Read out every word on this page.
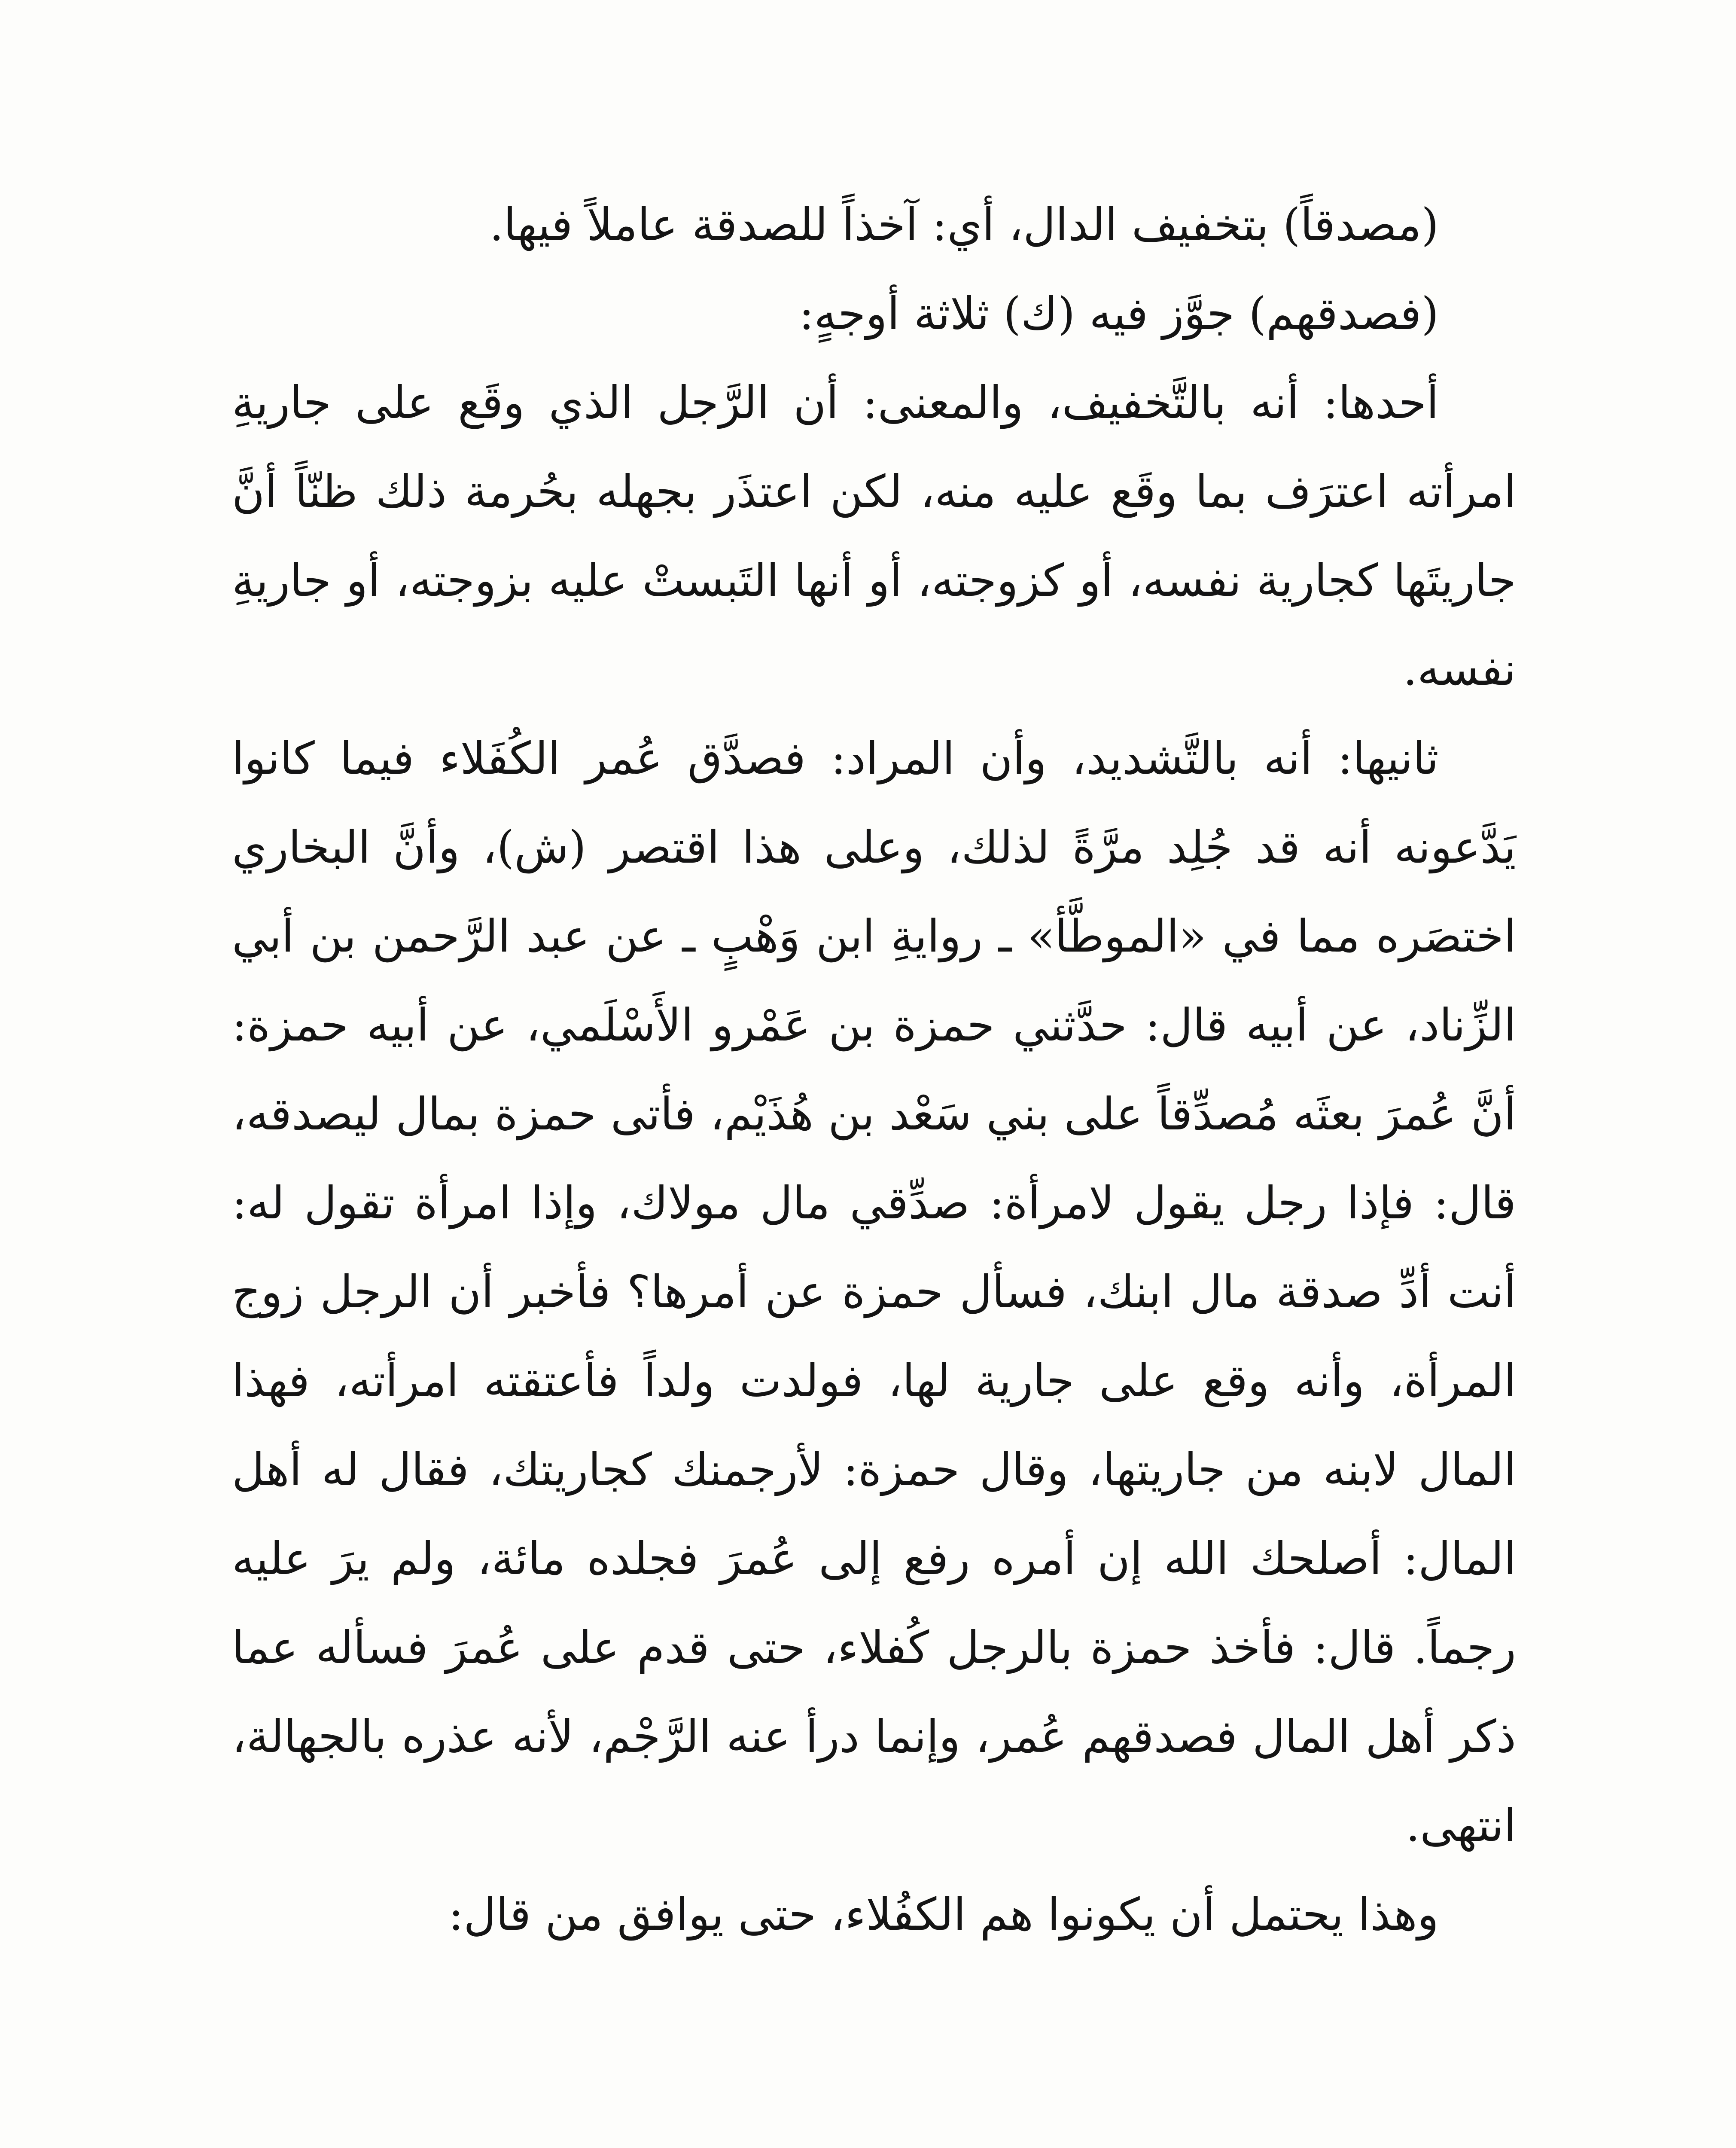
(مصدقاً) بتخفيف الدال، أي: آخذاً للصدقة عاملاً فيها.

(فصدقهم) جوَّز فيه (ك) ثلاثة أوجهٍ:

أحدها: أنه بالتَّخفيف، والمعنى: أن الرَّجل الذي وقَع على جاريةِ امرأته اعترَف بما وقَع عليه منه، لكن اعتذَر بجهله بحُرمة ذلك ظنّاً أنَّ جاريتَها كجارية نفسه، أو كزوجته، أو أنها التَبستْ عليه بزوجته، أو جاريةِ نفسه.

ثانيها: أنه بالتَّشديد، وأن المراد: فصدَّق عُمر الكُفَلاء فيما كانوا يَدَّعونه أنه قد جُلِد مرَّةً لذلك، وعلى هذا اقتصر (ش)، وأنَّ البخاري اختصَره مما في «الموطَّأ» ـ روايةِ ابن وَهْبٍ ـ عن عبد الرَّحمن بن أبي الزِّناد، عن أبيه قال: حدَّثني حمزة بن عَمْرو الأَسْلَمي، عن أبيه حمزة: أنَّ عُمرَ بعثَه مُصدِّقاً على بني سَعْد بن هُذَيْم، فأتى حمزة بمال ليصدقه، قال: فإذا رجل يقول لامرأة: صدِّقي مال مولاك، وإذا امرأة تقول له: أنت أدِّ صدقة مال ابنك، فسأل حمزة عن أمرها؟ فأخبر أن الرجل زوج المرأة، وأنه وقع على جارية لها، فولدت ولداً فأعتقته امرأته، فهذا المال لابنه من جاريتها، وقال حمزة: لأرجمنك كجاريتك، فقال له أهل المال: أصلحك الله إن أمره رفع إلى عُمرَ فجلده مائة، ولم يرَ عليه رجماً. قال: فأخذ حمزة بالرجل كُفلاء، حتى قدم على عُمرَ فسأله عما ذكر أهل المال فصدقهم عُمر، وإنما درأ عنه الرَّجْم، لأنه عذره بالجهالة، انتهى.

وهذا يحتمل أن يكونوا هم الكفُلاء، حتى يوافق من قال:
